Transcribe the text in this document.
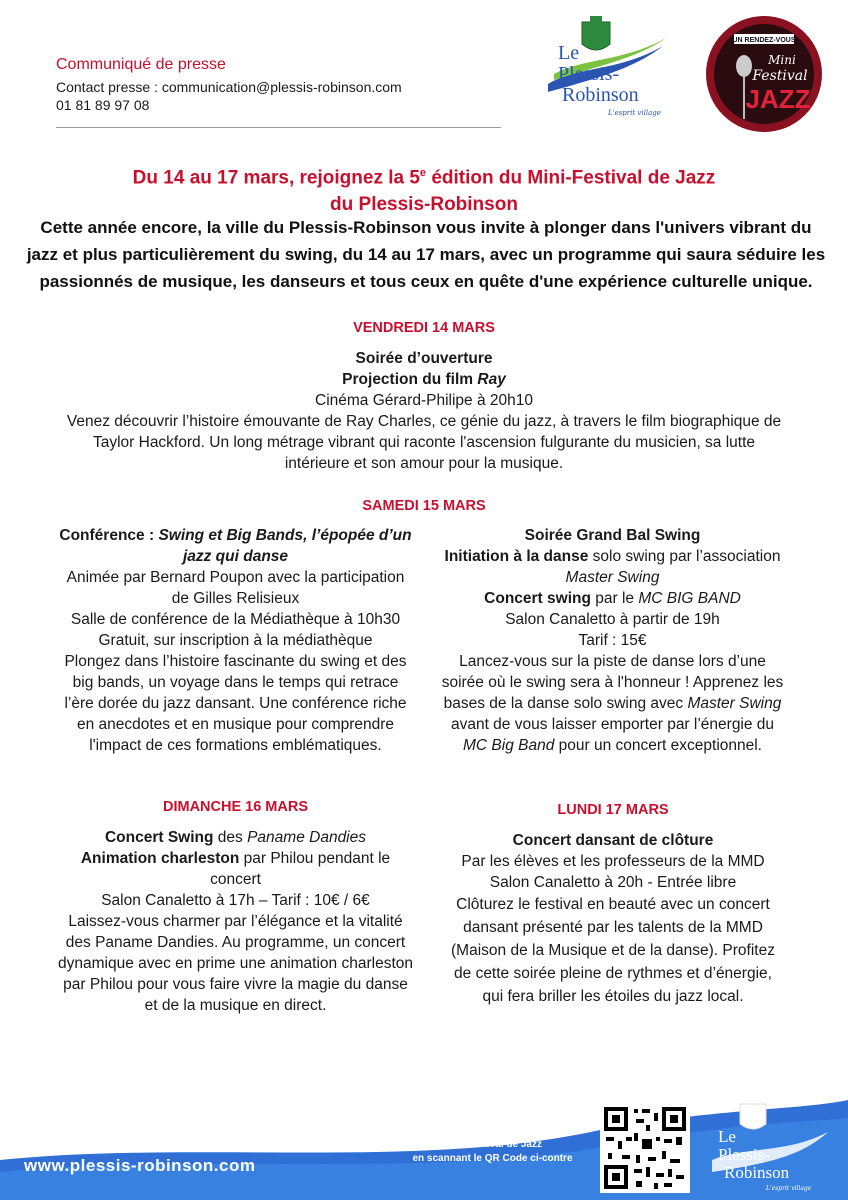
Communiqué de presse
Contact presse : communication@plessis-robinson.com
01 81 89 97 08
Le
Plessis-
Robinson
L'esprit village
UN RENDEZ-VOUS
Mini
Festival
JAZZ
Du 14 au 17 mars, rejoignez la 5e édition du Mini-Festival de Jazz
du Plessis-Robinson
Cette année encore, la ville du Plessis-Robinson vous invite à plonger dans l'univers vibrant du jazz et plus particulièrement du swing, du 14 au 17 mars, avec un programme qui saura séduire les passionnés de musique, les danseurs et tous ceux en quête d'une expérience culturelle unique.
VENDREDI 14 MARS
Soirée d’ouverture
Projection du film Ray
Cinéma Gérard-Philipe à 20h10
Venez découvrir l’histoire émouvante de Ray Charles, ce génie du jazz, à travers le film biographique de Taylor Hackford. Un long métrage vibrant qui raconte l'ascension fulgurante du musicien, sa lutte intérieure et son amour pour la musique.
SAMEDI 15 MARS
Conférence : Swing et Big Bands, l’épopée d’un jazz qui danse
Animée par Bernard Poupon avec la participation de Gilles Relisieux
Salle de conférence de la Médiathèque à 10h30
Gratuit, sur inscription à la médiathèque
Plongez dans l’histoire fascinante du swing et des big bands, un voyage dans le temps qui retrace l’ère dorée du jazz dansant. Une conférence riche en anecdotes et en musique pour comprendre l'impact de ces formations emblématiques.
Soirée Grand Bal Swing
Initiation à la danse solo swing par l’association Master Swing
Concert swing par le MC BIG BAND
Salon Canaletto à partir de 19h
Tarif : 15€
Lancez-vous sur la piste de danse lors d’une soirée où le swing sera à l'honneur ! Apprenez les bases de la danse solo swing avec Master Swing avant de vous laisser emporter par l’énergie du MC Big Band pour un concert exceptionnel.
DIMANCHE 16 MARS
Concert Swing des Paname Dandies
Animation charleston par Philou pendant le concert
Salon Canaletto à 17h – Tarif : 10€ / 6€
Laissez-vous charmer par l’élégance et la vitalité des Paname Dandies. Au programme, un concert dynamique avec en prime une animation charleston par Philou pour vous faire vivre la magie du danse et de la musique en direct.
LUNDI 17 MARS
Concert dansant de clôture
Par les élèves et les professeurs de la MMD
Salon Canaletto à 20h - Entrée libre
Clôturez le festival en beauté avec un concert dansant présenté par les talents de la MMD (Maison de la Musique et de la danse). Profitez de cette soirée pleine de rythmes et d’énergie, qui fera briller les étoiles du jazz local.
www.plessis-robinson.com
Retrouvez tout le programme du
Mini-Festival de Jazz
en scannant le QR Code ci-contre
Le
Plessis-
Robinson
L'esprit village
